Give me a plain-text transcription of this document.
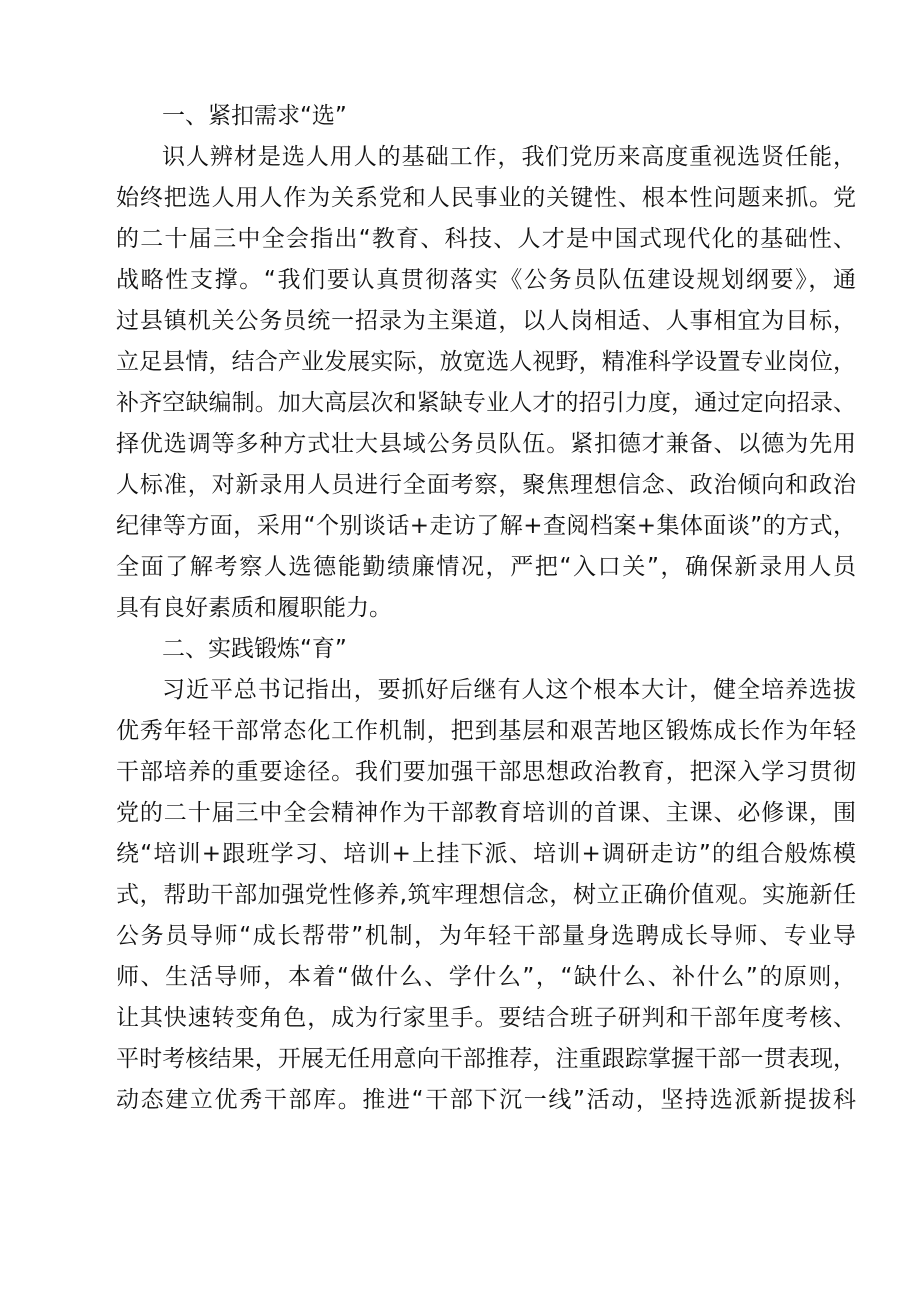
一、紧扣需求“选”
识人辨材是选人用人的基础工作，我们党历来高度重视选贤任能，
始终把选人用人作为关系党和人民事业的关键性、根本性问题来抓。党
的二十届三中全会指出“教育、科技、人才是中国式现代化的基础性、
战略性支撑。“我们要认真贯彻落实《公务员队伍建设规划纲要》，通
过县镇机关公务员统一招录为主渠道，以人岗相适、人事相宜为目标，
立足县情，结合产业发展实际，放宽选人视野，精准科学设置专业岗位，
补齐空缺编制。加大高层次和紧缺专业人才的招引力度，通过定向招录、
择优选调等多种方式壮大县域公务员队伍。紧扣德才兼备、以德为先用
人标准，对新录用人员进行全面考察，聚焦理想信念、政治倾向和政治
纪律等方面，采用“个别谈话+走访了解+查阅档案+集体面谈”的方式，
全面了解考察人选德能勤绩廉情况，严把“入口关”，确保新录用人员
具有良好素质和履职能力。
二、实践锻炼“育”
习近平总书记指出，要抓好后继有人这个根本大计，健全培养选拔
优秀年轻干部常态化工作机制，把到基层和艰苦地区锻炼成长作为年轻
干部培养的重要途径。我们要加强干部思想政治教育，把深入学习贯彻
党的二十届三中全会精神作为干部教育培训的首课、主课、必修课，围
绕“培训+跟班学习、培训+上挂下派、培训+调研走访”的组合般炼模
式，帮助干部加强党性修养,筑牢理想信念，树立正确价值观。实施新任
公务员导师“成长帮带”机制，为年轻干部量身选聘成长导师、专业导
师、生活导师，本着“做什么、学什么”，“缺什么、补什么”的原则，
让其快速转变角色，成为行家里手。要结合班子研判和干部年度考核、
平时考核结果，开展无任用意向干部推荐，注重跟踪掌握干部一贯表现，
动态建立优秀干部库。推进“干部下沉一线”活动，坚持选派新提拔科
